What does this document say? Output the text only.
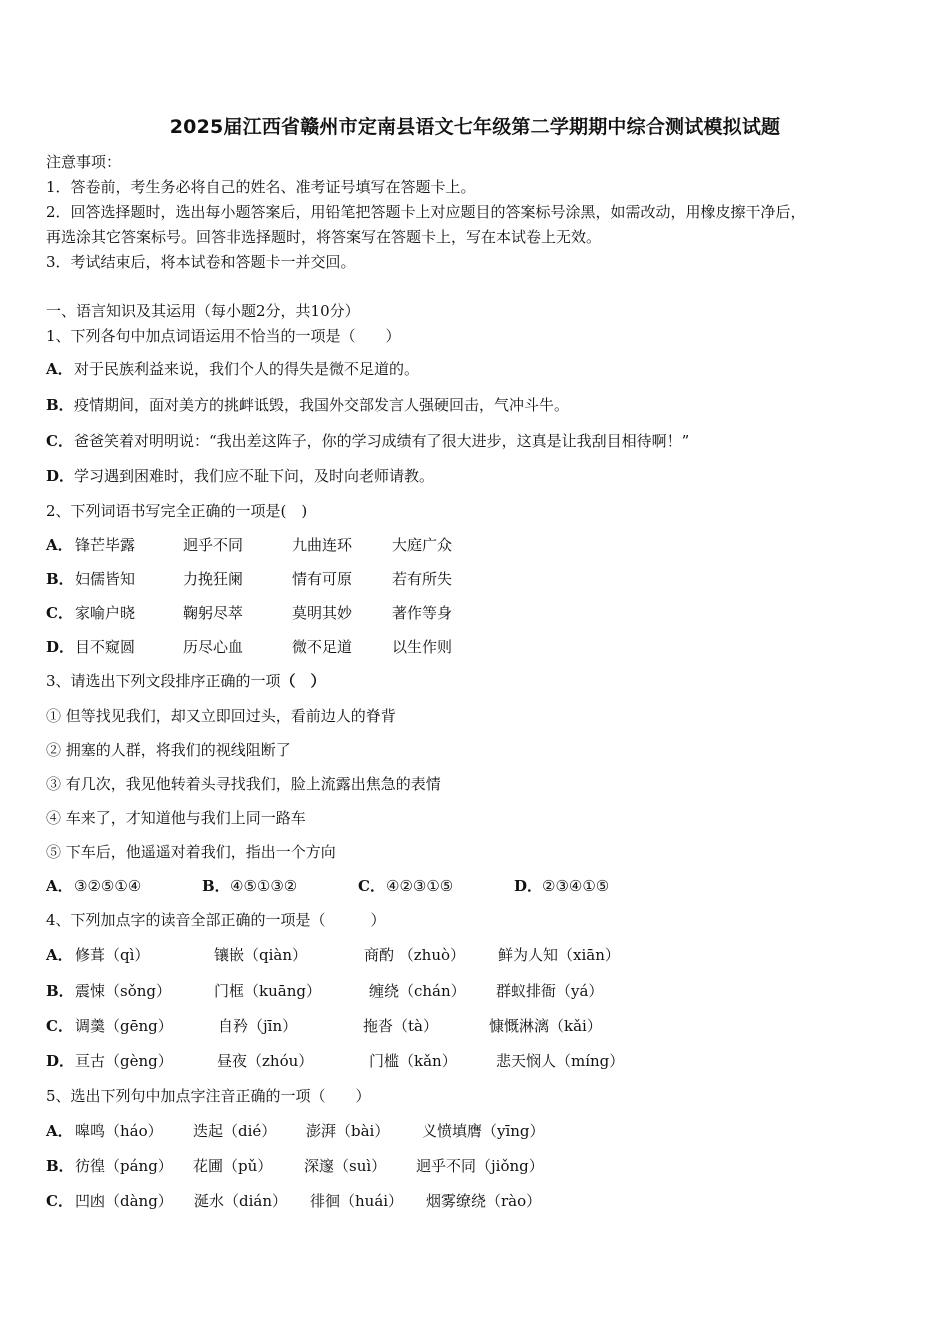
2025届江西省赣州市定南县语文七年级第二学期期中综合测试模拟试题
注意事项：
1．答卷前，考生务必将自己的姓名、准考证号填写在答题卡上。
2．回答选择题时，选出每小题答案后，用铅笔把答题卡上对应题目的答案标号涂黑，如需改动，用橡皮擦干净后，
再选涂其它答案标号。回答非选择题时，将答案写在答题卡上，写在本试卷上无效。
3．考试结束后，将本试卷和答题卡一并交回。
一、语言知识及其运用（每小题2分，共10分）
1、下列各句中加点词语运用不恰当的一项是（　　）
A．对于民族利益来说，我们个人的得失是微不足道的。
B．疫情期间，面对美方的挑衅诋毁，我国外交部发言人强硬回击，气冲斗牛。
C．爸爸笑着对明明说：“我出差这阵子，你的学习成绩有了很大进步，这真是让我刮目相待啊！”
D．学习遇到困难时，我们应不耻下问，及时向老师请教。
2、下列词语书写完全正确的一项是(　)
A． 锋芒毕露	迥乎不同	九曲连环	大庭广众
B． 妇儒皆知	力挽狂阑	情有可原	若有所失
C． 家喻户晓	鞠躬尽萃	莫明其妙	著作等身
D． 目不窥圆	历尽心血	微不足道	以生作则
3、请选出下列文段排序正确的一项（　）
① 但等找见我们，却又立即回过头，看前边人的脊背
② 拥塞的人群，将我们的视线阻断了
③ 有几次，我见他转着头寻找我们，脸上流露出焦急的表情
④ 车来了，才知道他与我们上同一路车
⑤ 下车后，他遥遥对着我们，指出一个方向
A．③②⑤①④	B．④⑤①③②	C．④②③①⑤	D．②③④①⑤
4、下列加点字的读音全部正确的一项是（　　　）
A． 修葺（qì）	镶嵌（qiàn）	商酌 （zhuò） 鲜为人知（xiān）
B． 震悚（sǒng）	门框（kuāng）	缠绕（chán） 群蚁排衙（yá）
C． 调羹（gēng）	自矜（jīn）	拖沓（tà）	慷慨淋漓（kǎi）
D． 亘古（gèng）	昼夜（zhóu）	门槛（kǎn）	悲天悯人（míng）
5、选出下列句中加点字注音正确的一项（　　）
A． 嗥鸣（háo） 迭起（dié） 澎湃（bài） 义愤填膺（yīng）
B． 彷徨（páng） 花圃（pǔ） 深邃（suì） 迥乎不同（jiǒng）
C． 凹凼（dàng） 涎水（dián） 徘徊（huái） 烟雾缭绕（rào）
